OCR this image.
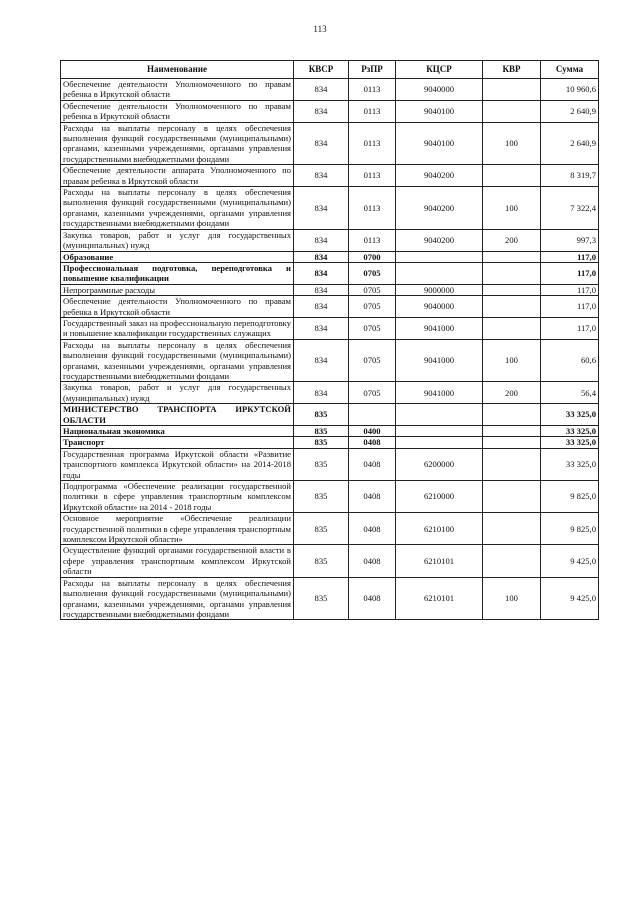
113
Наименование	КВСР	РзПР	КЦСР	КВР	Сумма
Обеспечение деятельности Уполномоченного по правам ребенка в Иркутской области	834	0113	9040000		10 960,6
Обеспечение деятельности Уполномоченного по правам ребенка в Иркутской области	834	0113	9040100		2 640,9
Расходы на выплаты персоналу в целях обеспечения выполнения функций государственными (муниципальными) органами, казенными учреждениями, органами управления государственными внебюджетными фондами	834	0113	9040100	100	2 640,9
Обеспечение деятельности аппарата Уполномоченного по правам ребенка в Иркутской области	834	0113	9040200		8 319,7
Расходы на выплаты персоналу в целях обеспечения выполнения функций государственными (муниципальными) органами, казенными учреждениями, органами управления государственными внебюджетными фондами	834	0113	9040200	100	7 322,4
Закупка товаров, работ и услуг для государственных (муниципальных) нужд	834	0113	9040200	200	997,3
Образование	834	0700			117,0
Профессиональная подготовка, переподготовка и повышение квалификации	834	0705			117,0
Непрограммные расходы	834	0705	9000000		117,0
Обеспечение деятельности Уполномоченного по правам ребенка в Иркутской области	834	0705	9040000		117,0
Государственный заказ на профессиональную переподготовку и повышение квалификации государственных служащих	834	0705	9041000		117,0
Расходы на выплаты персоналу в целях обеспечения выполнения функций государственными (муниципальными) органами, казенными учреждениями, органами управления государственными внебюджетными фондами	834	0705	9041000	100	60,6
Закупка товаров, работ и услуг для государственных (муниципальных) нужд	834	0705	9041000	200	56,4
МИНИСТЕРСТВО ТРАНСПОРТА ИРКУТСКОЙ ОБЛАСТИ	835				33 325,0
Национальная экономика	835	0400			33 325,0
Транспорт	835	0408			33 325,0
Государственная программа Иркутской области «Развитие транспортного комплекса Иркутской области» на 2014-2018 годы	835	0408	6200000		33 325,0
Подпрограмма «Обеспечение реализации государственной политики в сфере управления транспортным комплексом Иркутской области» на 2014 - 2018 годы	835	0408	6210000		9 825,0
Основное мероприятие «Обеспечение реализации государственной политики в сфере управления транспортным комплексом Иркутской области»	835	0408	6210100		9 825,0
Осуществление функций органами государственной власти в сфере управления транспортным комплексом Иркутской области	835	0408	6210101		9 425,0
Расходы на выплаты персоналу в целях обеспечения выполнения функций государственными (муниципальными) органами, казенными учреждениями, органами управления государственными внебюджетными фондами	835	0408	6210101	100	9 425,0
